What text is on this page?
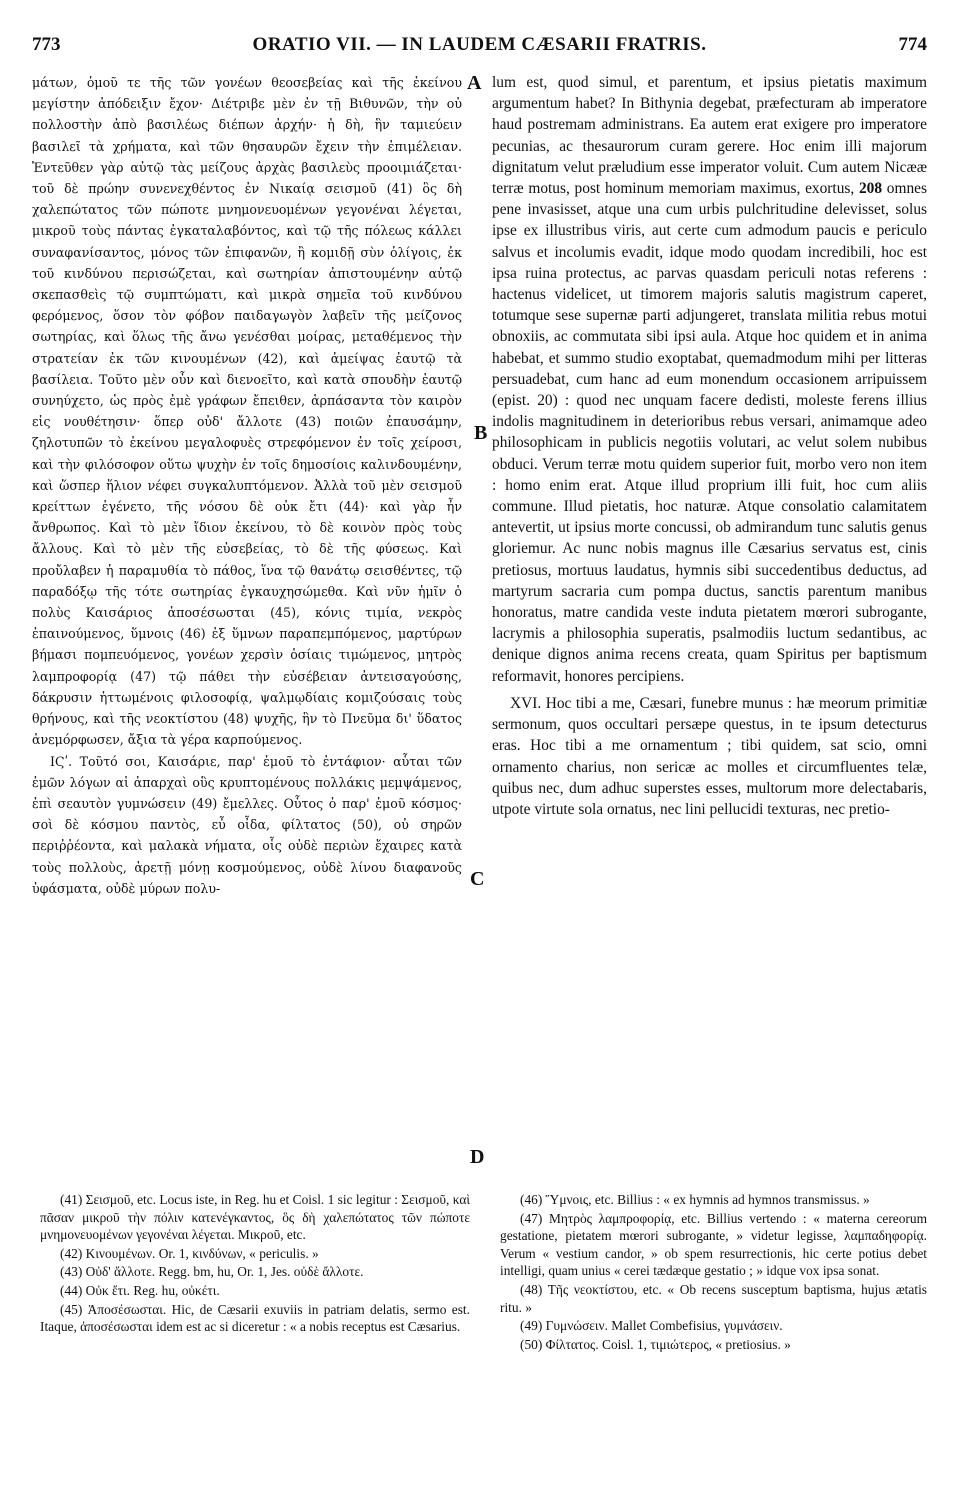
773	ORATIO VII. — IN LAUDEM CÆSARII FRATRIS.	774

μάτων, ὁμοῦ τε τῆς τῶν γονέων θεοσεβείας καὶ τῆς ἐκείνου μεγίστην ἀπόδειξιν ἔχον· Διέτριβε μὲν ἐν τῇ Βιθυνῶν, τὴν οὐ πολλοστὴν ἀπὸ βασιλέως διέπων ἀρχήν· ἡ δὴ, ἣν ταμιεύειν βασιλεῖ τὰ χρήματα, καὶ τῶν θησαυρῶν ἔχειν τὴν ἐπιμέλειαν. Ἐντεῦθεν γὰρ αὐτῷ τὰς μείζους ἀρχὰς βασιλεὺς προοιμιάζεται· τοῦ δὲ πρώην συνενεχθέντος ἐν Νικαίᾳ σεισμοῦ (41) ὃς δὴ χαλεπώτατος τῶν πώποτε μνημονευομένων γεγονέναι λέγεται, μικροῦ τοὺς πάντας ἐγκαταλαβόντος, καὶ τῷ τῆς πόλεως κάλλει συναφανίσαντος, μόνος τῶν ἐπιφανῶν, ἢ κομιδῇ σὺν ὀλίγοις, ἐκ τοῦ κινδύνου περισώζεται, καὶ σωτηρίαν ἀπιστουμένην αὐτῷ σκεπασθεὶς τῷ συμπτώματι, καὶ μικρὰ σημεῖα τοῦ κινδύνου φερόμενος, ὅσον τὸν φόβον παιδαγωγὸν λαβεῖν τῆς μείζονος σωτηρίας, καὶ ὅλως τῆς ἄνω γενέσθαι μοίρας, μεταθέμενος τὴν στρατείαν ἐκ τῶν κινουμένων (42), καὶ ἀμείψας ἑαυτῷ τὰ βασίλεια. Τοῦτο μὲν οὖν καὶ διενοεῖτο, καὶ κατὰ σπουδὴν ἑαυτῷ συνηύχετο, ὡς πρὸς ἐμὲ γράφων ἔπειθεν, ἁρπάσαντα τὸν καιρὸν εἰς νουθέτησιν· ὅπερ οὐδ' ἄλλοτε (43) ποιῶν ἐπαυσάμην, ζηλοτυπῶν τὸ ἐκείνου μεγαλοφυὲς στρεφόμενον ἐν τοῖς χείροσι, καὶ τὴν φιλόσοφον οὕτω ψυχὴν ἐν τοῖς δημοσίοις καλινδουμένην, καὶ ὥσπερ ἥλιον νέφει συγκαλυπτόμενον. Ἀλλὰ τοῦ μὲν σεισμοῦ κρείττων ἐγένετο, τῆς νόσου δὲ οὐκ ἔτι (44)· καὶ γὰρ ἦν ἄνθρωπος. Καὶ τὸ μὲν ἴδιον ἐκείνου, τὸ δὲ κοινὸν πρὸς τοὺς ἄλλους. Καὶ τὸ μὲν τῆς εὐσεβείας, τὸ δὲ τῆς φύσεως. Καὶ προὔλαβεν ἡ παραμυθία τὸ πάθος, ἵνα τῷ θανάτῳ σεισθέντες, τῷ παραδόξῳ τῆς τότε σωτηρίας ἐγκαυχησώμεθα. Καὶ νῦν ἡμῖν ὁ πολὺς Καισάριος ἀποσέσωσται (45), κόνις τιμία, νεκρὸς ἐπαινούμενος, ὕμνοις (46) ἐξ ὕμνων παραπεμπόμενος, μαρτύρων βήμασι πομπευόμενος, γονέων χερσὶν ὁσίαις τιμώμενος, μητρὸς λαμπροφορίᾳ (47) τῷ πάθει τὴν εὐσέβειαν ἀντεισαγούσης, δάκρυσιν ἡττωμένοις φιλοσοφίᾳ, ψαλμῳδίαις κομιζούσαις τοὺς θρήνους, καὶ τῆς νεοκτίστου (48) ψυχῆς, ἣν τὸ Πνεῦμα δι' ὕδατος ἀνεμόρφωσεν, ἄξια τὰ γέρα καρπούμενος.

ΙϚʹ. Τοῦτό σοι, Καισάριε, παρ' ἐμοῦ τὸ ἐντάφιον· αὗται τῶν ἐμῶν λόγων αἱ ἀπαρχαὶ οὓς κρυπτομένους πολλάκις μεμψάμενος, ἐπὶ σεαυτὸν γυμνώσειν (49) ἔμελλες. Οὗτος ὁ παρ' ἐμοῦ κόσμος· σοὶ δὲ κόσμου παντὸς, εὖ οἶδα, φίλτατος (50), οὐ σηρῶν περιῤῥέοντα, καὶ μαλακὰ νήματα, οἷς οὐδὲ περιὼν ἔχαιρες κατὰ τοὺς πολλοὺς, ἀρετῇ μόνῃ κοσμούμενος, οὐδὲ λίνου διαφανοῦς ὑφάσματα, οὐδὲ μύρων πολυ-

A
B
C
D

lum est, quod simul, et parentum, et ipsius pietatis maximum argumentum habet? In Bithynia degebat, præfecturam ab imperatore haud postremam administrans. Ea autem erat exigere pro imperatore pecunias, ac thesaurorum curam gerere. Hoc enim illi majorum dignitatum velut præludium esse imperator voluit. Cum autem Nicææ terræ motus, post hominum memoriam maximus, exortus, 208 omnes pene invasisset, atque una cum urbis pulchritudine delevisset, solus ipse ex illustribus viris, aut certe cum admodum paucis e periculo salvus et incolumis evadit, idque modo quodam incredibili, hoc est ipsa ruina protectus, ac parvas quasdam periculi notas referens : hactenus videlicet, ut timorem majoris salutis magistrum caperet, totumque sese supernæ parti adjungeret, translata militia rebus motui obnoxiis, ac commutata sibi ipsi aula. Atque hoc quidem et in anima habebat, et summo studio exoptabat, quemadmodum mihi per litteras persuadebat, cum hanc ad eum monendum occasionem arripuissem (epist. 20) : quod nec unquam facere dedisti, moleste ferens illius indolis magnitudinem in deterioribus rebus versari, animamque adeo philosophicam in publicis negotiis volutari, ac velut solem nubibus obduci. Verum terræ motu quidem superior fuit, morbo vero non item : homo enim erat. Atque illud proprium illi fuit, hoc cum aliis commune. Illud pietatis, hoc naturæ. Atque consolatio calamitatem antevertit, ut ipsius morte concussi, ob admirandum tunc salutis genus gloriemur. Ac nunc nobis magnus ille Cæsarius servatus est, cinis pretiosus, mortuus laudatus, hymnis sibi succedentibus deductus, ad martyrum sacraria cum pompa ductus, sanctis parentum manibus honoratus, matre candida veste induta pietatem mœrori subrogante, lacrymis a philosophia superatis, psalmodiis luctum sedantibus, ac denique dignos anima recens creata, quam Spiritus per baptismum reformavit, honores percipiens.

XVI. Hoc tibi a me, Cæsari, funebre munus : hæ meorum primitiæ sermonum, quos occultari persæpe questus, in te ipsum detecturus eras. Hoc tibi a me ornamentum ; tibi quidem, sat scio, omni ornamento charius, non sericæ ac molles et circumfluentes telæ, quibus nec, dum adhuc superstes esses, multorum more delectabaris, utpote virtute sola ornatus, nec lini pellucidi texturas, nec pretio-

(41) Σεισμοῦ, etc. Locus iste, in Reg. hu et Coisl. 1 sic legitur : Σεισμοῦ, καὶ πᾶσαν μικροῦ τὴν πόλιν κατενέγκαντος, ὃς δὴ χαλεπώτατος τῶν πώποτε μνημονευομένων γεγονέναι λέγεται. Μικροῦ, etc.
(42) Κινουμένων. Or. 1, κινδύνων, « periculis. »
(43) Οὐδ' ἄλλοτε. Regg. bm, hu, Or. 1, Jes. οὐδὲ ἄλλοτε.
(44) Οὐκ ἔτι. Reg. hu, οὐκέτι.
(45) Ἀποσέσωσται. Hic, de Cæsarii exuviis in patriam delatis, sermo est. Itaque, ἀποσέσωσται idem est ac si diceretur : « a nobis receptus est Cæsarius.
(46) Ὕμνοις, etc. Billius : « ex hymnis ad hymnos transmissus. »
(47) Μητρὸς λαμπροφορίᾳ, etc. Billius vertendo : « materna cereorum gestatione, pietatem mœrori subrogante, » videtur legisse, λαμπαδηφορίᾳ. Verum « vestium candor, » ob spem resurrectionis, hic certe potius debet intelligi, quam unius « cerei tædæque gestatio ; » idque vox ipsa sonat.
(48) Τῆς νεοκτίστου, etc. « Ob recens susceptum baptisma, hujus ætatis ritu. »
(49) Γυμνώσειν. Mallet Combefisius, γυμνάσειν.
(50) Φίλτατος. Coisl. 1, τιμιώτερος, « pretiosius. »
